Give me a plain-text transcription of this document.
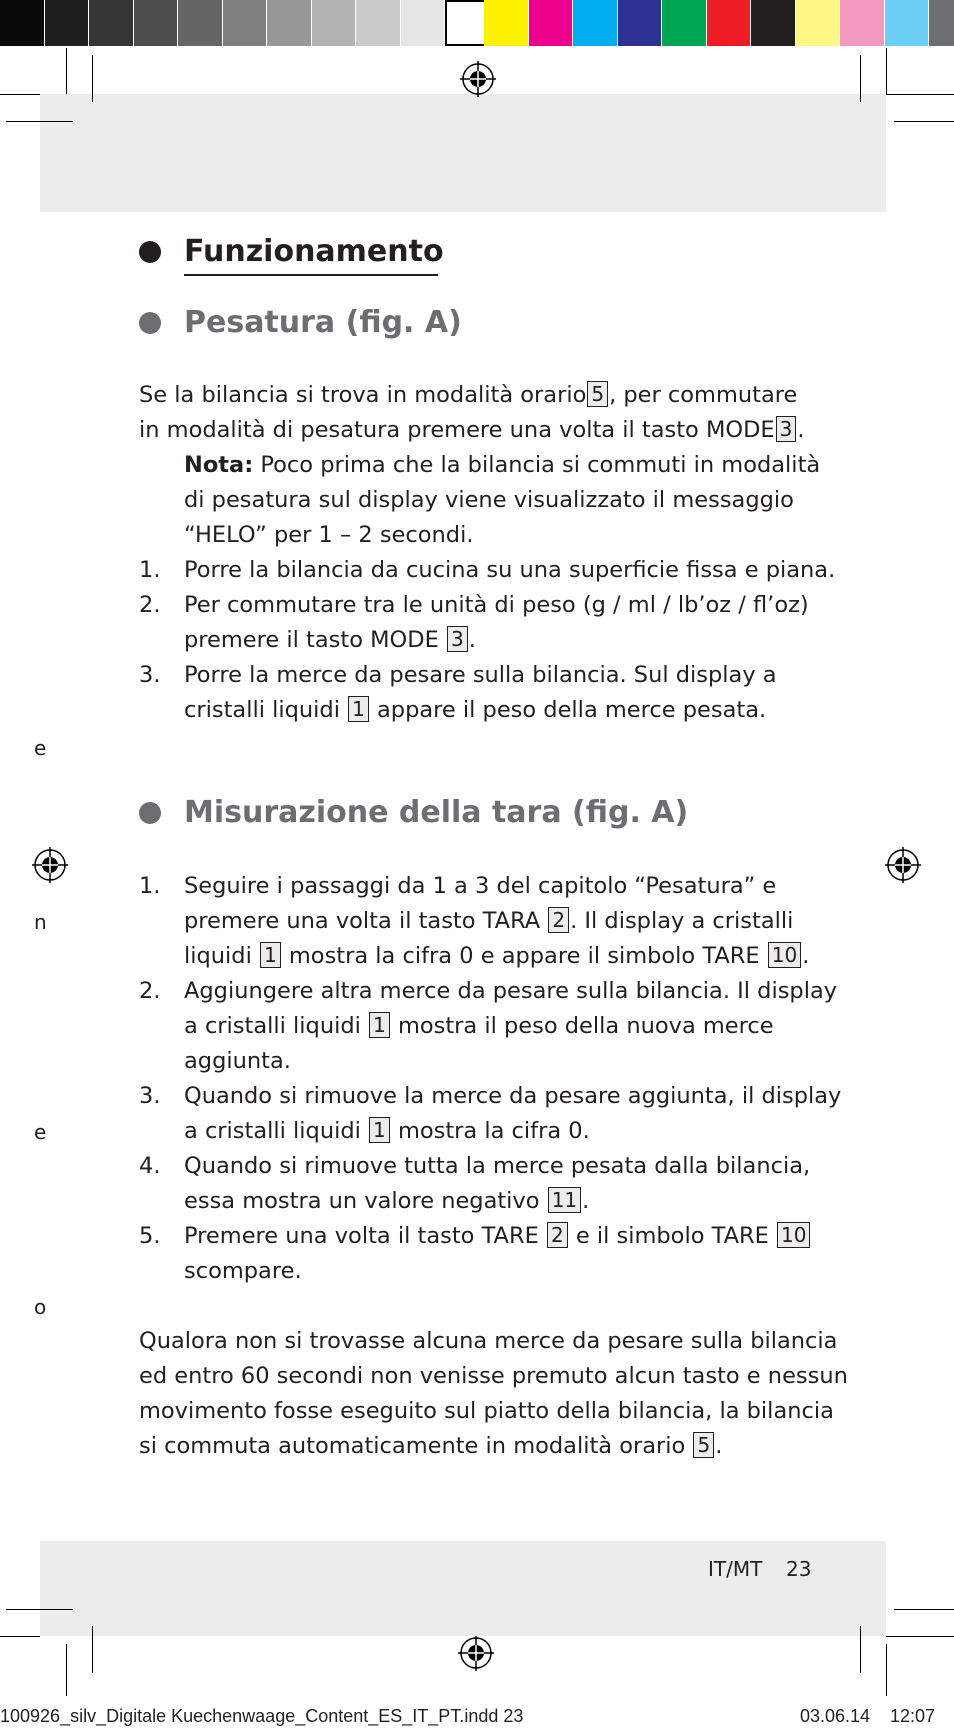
Funzionamento
Pesatura (fig. A)
Se la bilancia si trova in modalità orario 5 , per commutare
in modalità di pesatura premere una volta il tasto MODE 3 .
Nota: Poco prima che la bilancia si commuti in modalità
di pesatura sul display viene visualizzato il messaggio
“HELO” per 1 – 2 secondi.
1. Porre la bilancia da cucina su una superficie fissa e piana.
2. Per commutare tra le unità di peso (g / ml / lb’oz / fl’oz)
premere il tasto MODE 3 .
3. Porre la merce da pesare sulla bilancia. Sul display a
cristalli liquidi 1 appare il peso della merce pesata.
e
n
e
o
Misurazione della tara (fig. A)
1. Seguire i passaggi da 1 a 3 del capitolo “Pesatura” e
premere una volta il tasto TARA 2 . Il display a cristalli
liquidi 1 mostra la cifra 0 e appare il simbolo TARE 10 .
2. Aggiungere altra merce da pesare sulla bilancia. Il display
a cristalli liquidi 1 mostra il peso della nuova merce
aggiunta.
3. Quando si rimuove la merce da pesare aggiunta, il display
a cristalli liquidi 1 mostra la cifra 0.
4. Quando si rimuove tutta la merce pesata dalla bilancia,
essa mostra un valore negativo 11 .
5. Premere una volta il tasto TARE 2 e il simbolo TARE 10
scompare.
Qualora non si trovasse alcuna merce da pesare sulla bilancia
ed entro 60 secondi non venisse premuto alcun tasto e nessun
movimento fosse eseguito sul piatto della bilancia, la bilancia
si commuta automaticamente in modalità orario 5 .
IT/MT 23
100926_silv_Digitale Kuechenwaage_Content_ES_IT_PT.indd 23	03.06.14 12:07
